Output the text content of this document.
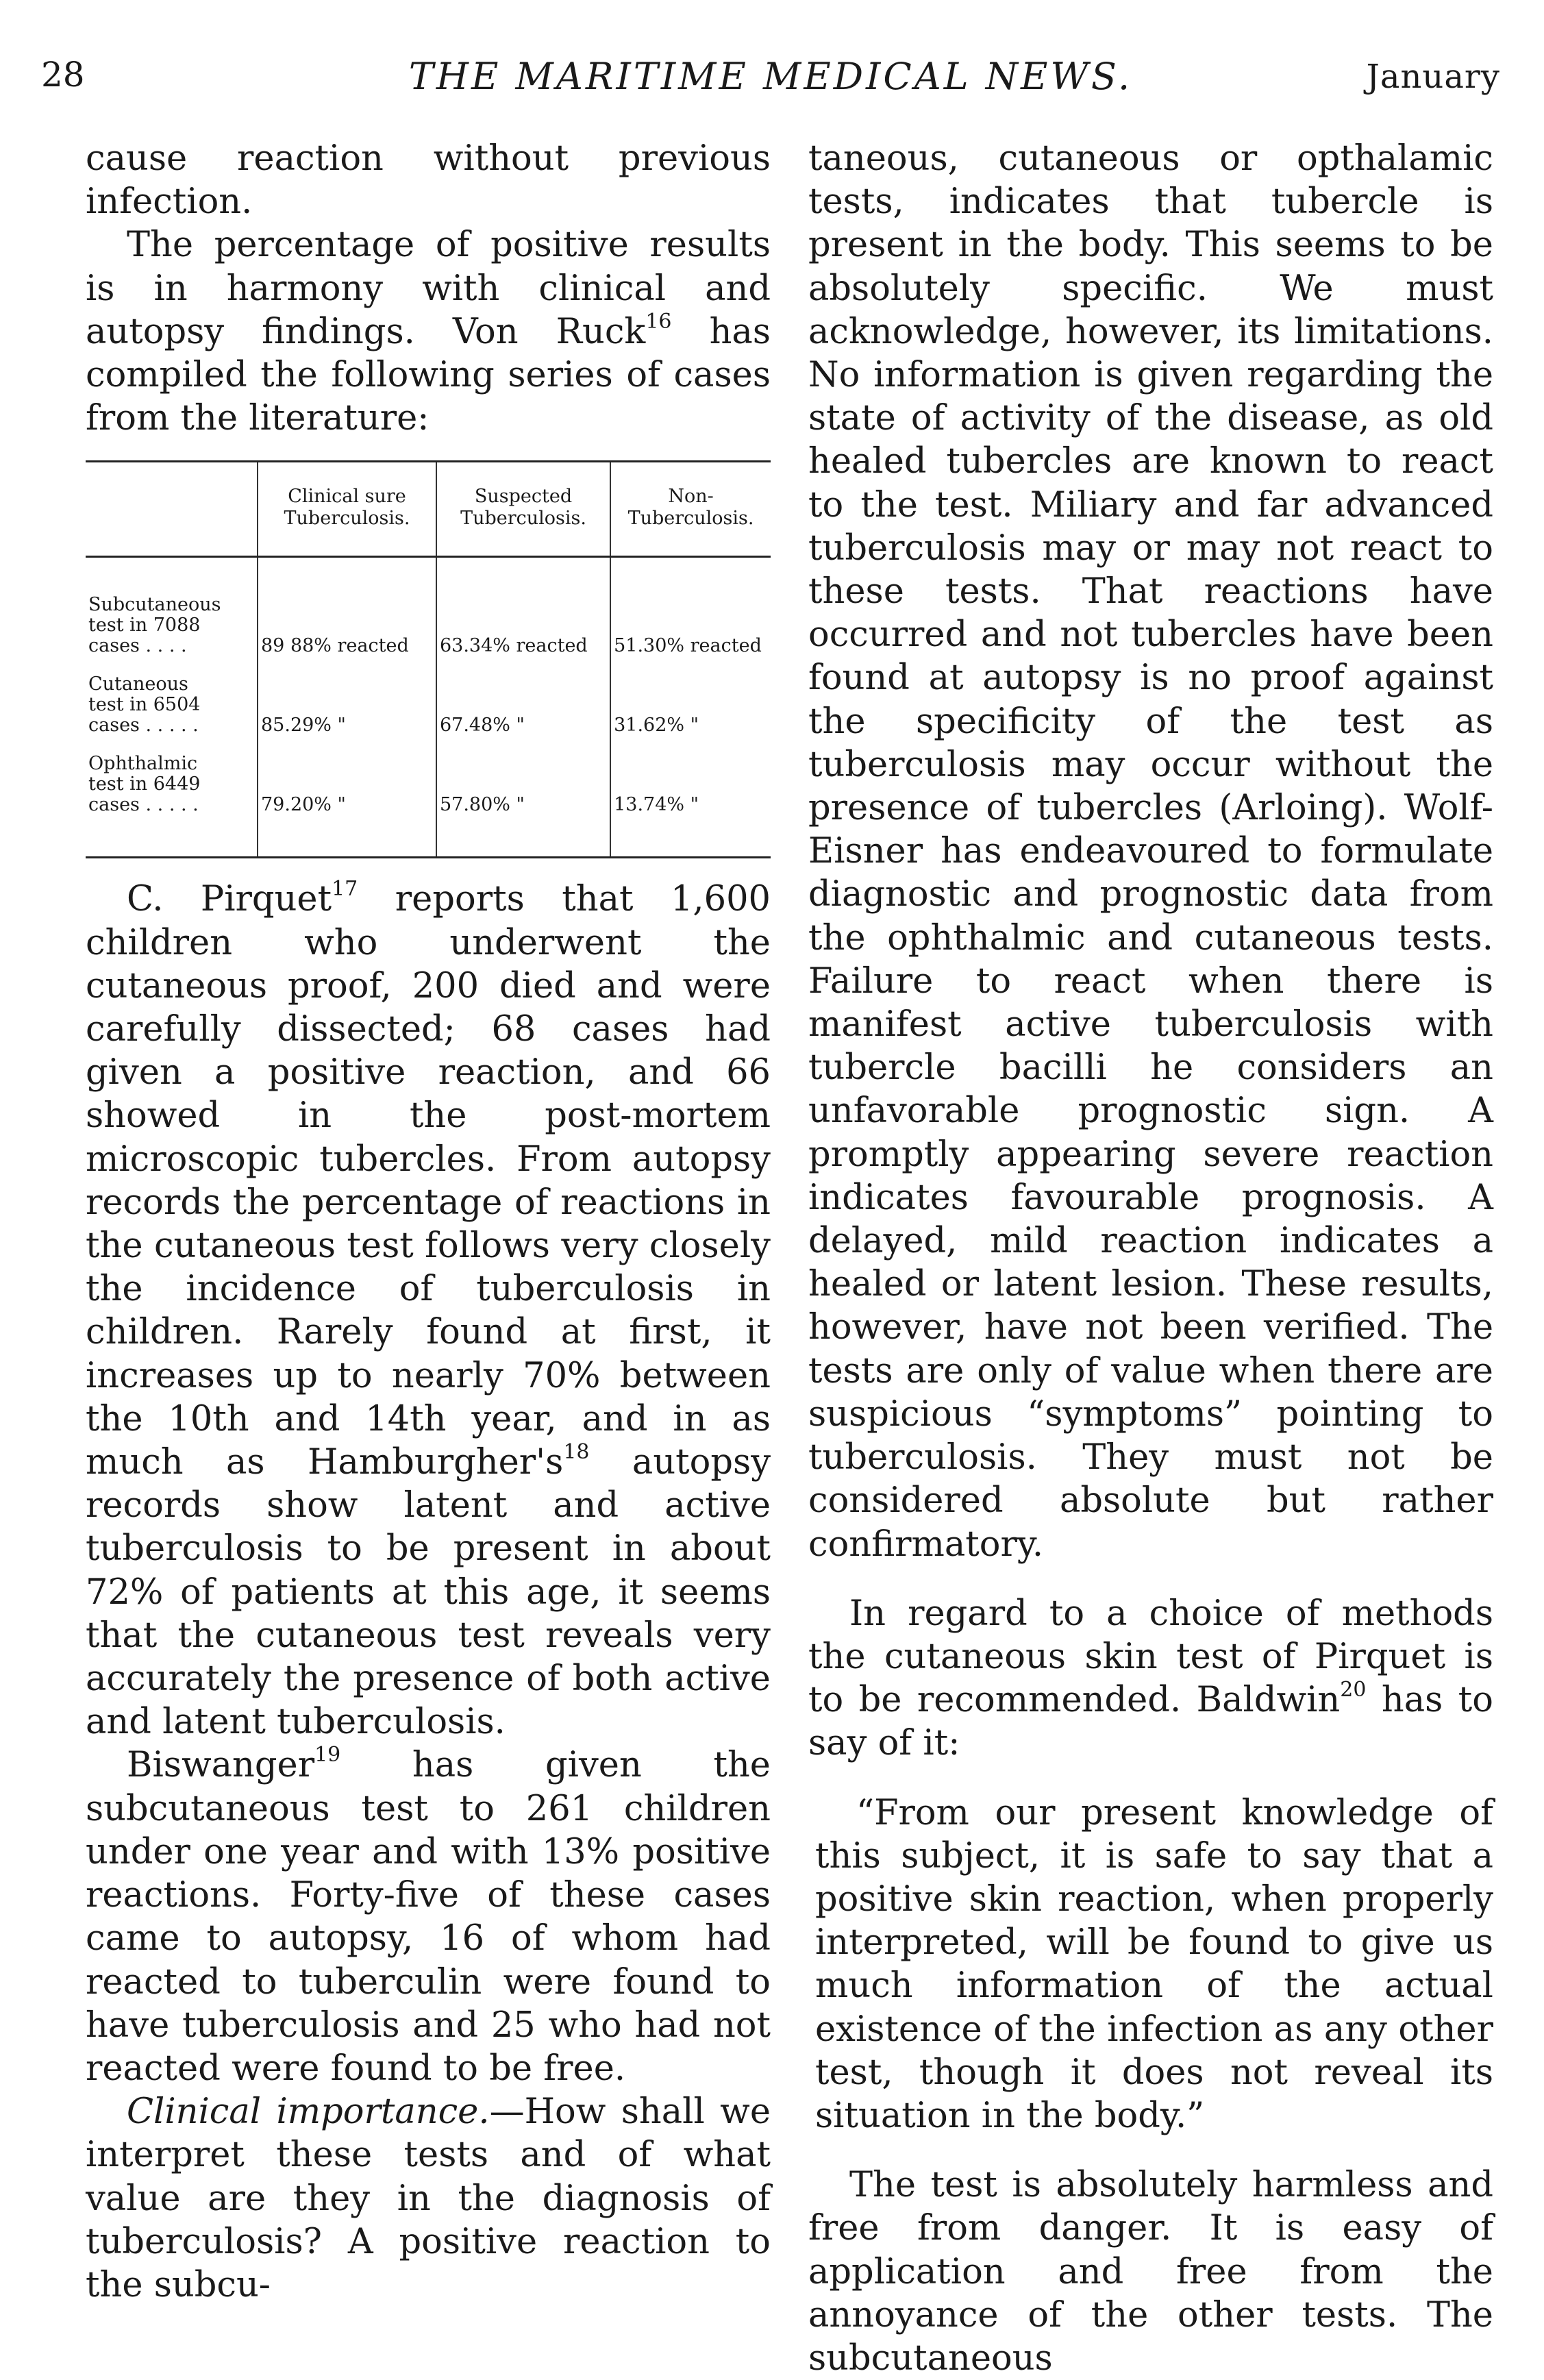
28	THE MARITIME MEDICAL NEWS.	January

cause reaction without previous infection.

The percentage of positive results is in harmony with clinical and autopsy findings. Von Ruck$^{16}$ has compiled the following series of cases from the literature:

	Clinical sure Tuberculosis.	Suspected Tuberculosis.	Non-Tuberculosis.
Subcutaneous
test in 7088
cases . . . .	89 88% reacted	63.34% reacted	51.30% reacted
Cutaneous
test in 6504
cases . . . . .	85.29% "	67.48% "	31.62% "
Ophthalmic
test in 6449
cases . . . . .	79.20% "	57.80% "	13.74% "

C. Pirquet$^{17}$ reports that 1,600 children who underwent the cutaneous proof, 200 died and were carefully dissected; 68 cases had given a positive reaction, and 66 showed in the post-mortem microscopic tubercles. From autopsy records the percentage of reactions in the cutaneous test follows very closely the incidence of tuberculosis in children. Rarely found at first, it increases up to nearly 70% between the 10th and 14th year, and in as much as $Hamburgher's^{18}$ autopsy records show latent and active tuberculosis to be present in about 72% of patients at this age, it seems that the cutaneous test reveals very accurately the presence of both active and latent tuberculosis.

Biswanger$^{19}$ has given the subcutaneous test to 261 children under one year and with 13% positive reactions. Forty-five of these cases came to autopsy, 16 of whom had reacted to tuberculin were found to have tuberculosis and 25 who had not reacted were found to be free.

Clinical importance.—How shall we interpret these tests and of what value are they in the diagnosis of tuberculosis? A positive reaction to the subcu-

taneous, cutaneous or opthalamic tests, indicates that tubercle is present in the body. This seems to be absolutely specific. We must acknowledge, however, its limitations. No information is given regarding the state of activity of the disease, as old healed tubercles are known to react to the test. Miliary and far advanced tuberculosis may or may not react to these tests. That reactions have occurred and not tubercles have been found at autopsy is no proof against the specificity of the test as tuberculosis may occur without the presence of tubercles (Arloing). Wolf-Eisner has endeavoured to formulate diagnostic and prognostic data from the ophthalmic and cutaneous tests. Failure to react when there is manifest active tuberculosis with tubercle bacilli he considers an unfavorable prognostic sign. A promptly appearing severe reaction indicates favourable prognosis. A delayed, mild reaction indicates a healed or latent lesion. These results, however, have not been verified. The tests are only of value when there are suspicious “symptoms” pointing to tuberculosis. They must not be considered absolute but rather confirmatory.

In regard to a choice of methods the cutaneous skin test of Pirquet is to be recommended. Baldwin$^{20}$ has to say of it:

“From our present knowledge of this subject, it is safe to say that a positive skin reaction, when properly interpreted, will be found to give us much information of the actual existence of the infection as any other test, though it does not reveal its situation in the body.”

The test is absolutely harmless and free from danger. It is easy of application and free from the annoyance of the other tests. The subcutaneous
